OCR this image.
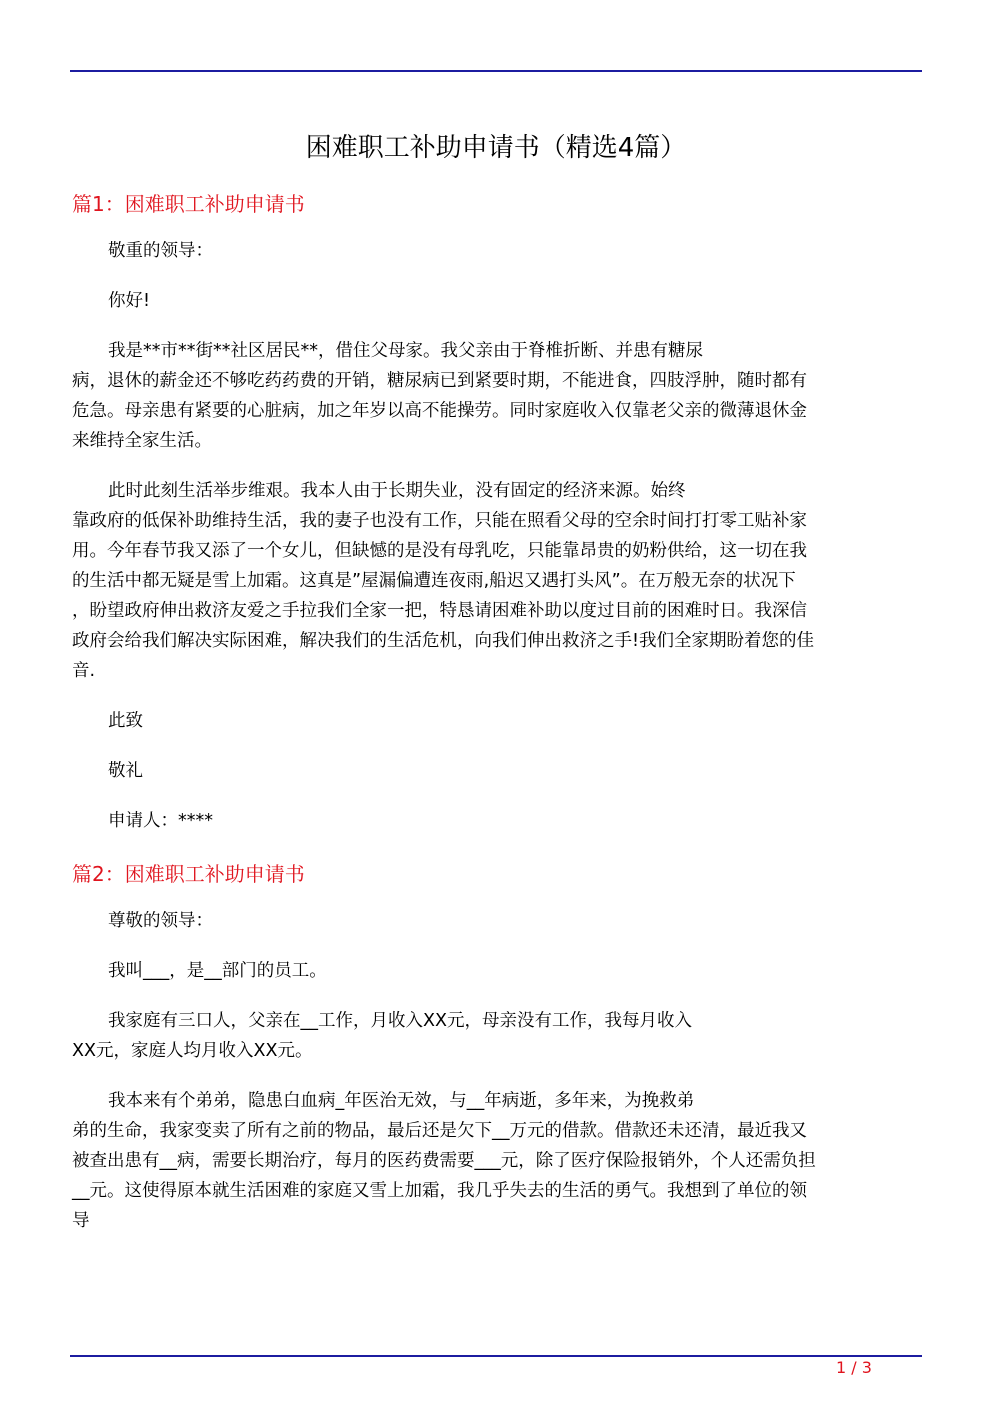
困难职工补助申请书（精选4篇）
篇1：困难职工补助申请书
敬重的领导：
你好!
我是**市**街**社区居民**，借住父母家。我父亲由于脊椎折断、并患有糖尿
病，退休的薪金还不够吃药药费的开销，糖尿病已到紧要时期，不能进食，四肢浮肿，随时都有
危急。母亲患有紧要的心脏病，加之年岁以高不能操劳。同时家庭收入仅靠老父亲的微薄退休金
来维持全家生活。
此时此刻生活举步维艰。我本人由于长期失业，没有固定的经济来源。始终
靠政府的低保补助维持生活，我的妻子也没有工作，只能在照看父母的空余时间打打零工贴补家
用。今年春节我又添了一个女儿，但缺憾的是没有母乳吃，只能靠昂贵的奶粉供给，这一切在我
的生活中都无疑是雪上加霜。这真是”屋漏偏遭连夜雨,船迟又遇打头风”。在万般无奈的状况下
，盼望政府伸出救济友爱之手拉我们全家一把，特恳请困难补助以度过目前的困难时日。我深信
政府会给我们解决实际困难，解决我们的生活危机，向我们伸出救济之手!我们全家期盼着您的佳
音.
此致
敬礼
申请人：****
篇2：困难职工补助申请书
尊敬的领导：
我叫___，是__部门的员工。
我家庭有三口人，父亲在__工作，月收入XX元，母亲没有工作，我每月收入
XX元，家庭人均月收入XX元。
我本来有个弟弟，隐患白血病_年医治无效，与__年病逝，多年来，为挽救弟
弟的生命，我家变卖了所有之前的物品，最后还是欠下__万元的借款。借款还未还清，最近我又
被查出患有__病，需要长期治疗，每月的医药费需要___元，除了医疗保险报销外，个人还需负担
__元。这使得原本就生活困难的家庭又雪上加霜，我几乎失去的生活的勇气。我想到了单位的领
导
1 / 3
